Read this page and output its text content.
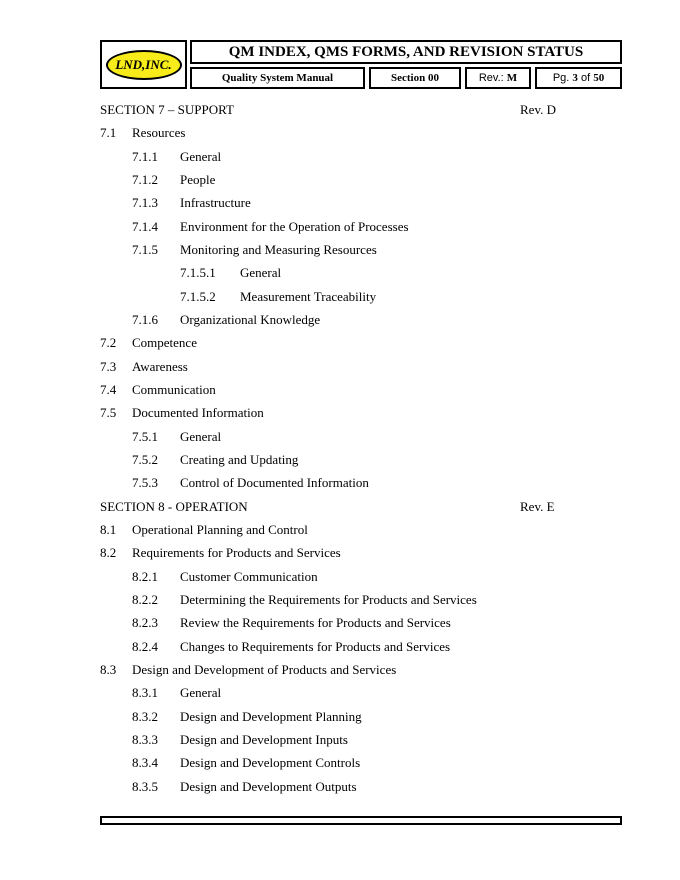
LND,INC.
QM INDEX, QMS FORMS, AND REVISION STATUS
Quality System Manual	Section 00	Rev.: M	Pg. 3 of 50
SECTION 7 – SUPPORT	Rev. D
7.1 Resources
7.1.1 General
7.1.2 People
7.1.3 Infrastructure
7.1.4 Environment for the Operation of Processes
7.1.5 Monitoring and Measuring Resources
7.1.5.1 General
7.1.5.2 Measurement Traceability
7.1.6 Organizational Knowledge
7.2 Competence
7.3 Awareness
7.4 Communication
7.5 Documented Information
7.5.1 General
7.5.2 Creating and Updating
7.5.3 Control of Documented Information
SECTION 8 - OPERATION	Rev. E
8.1 Operational Planning and Control
8.2 Requirements for Products and Services
8.2.1 Customer Communication
8.2.2 Determining the Requirements for Products and Services
8.2.3 Review the Requirements for Products and Services
8.2.4 Changes to Requirements for Products and Services
8.3 Design and Development of Products and Services
8.3.1 General
8.3.2 Design and Development Planning
8.3.3 Design and Development Inputs
8.3.4 Design and Development Controls
8.3.5 Design and Development Outputs
